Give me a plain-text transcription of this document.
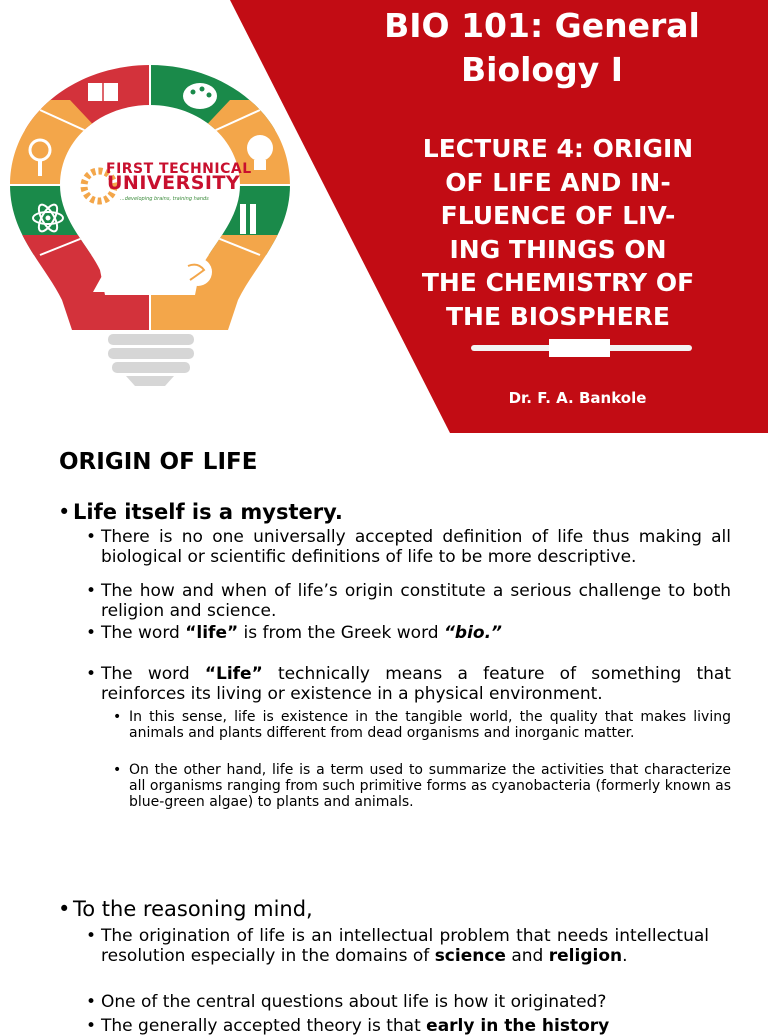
FIRST TECHNICAL
UNIVERSITY
...developing brains, training hands
BIO 101: General
Biology I
LECTURE 4: ORIGIN
OF LIFE AND IN-
FLUENCE OF LIV-
ING THINGS ON
THE CHEMISTRY OF
THE BIOSPHERE
Dr. F. A. Bankole
ORIGIN OF LIFE
• Life itself is a mystery.
• There is no one universally accepted definition of life thus making all biological or scientific definitions of life to be more descriptive.
• The how and when of life’s origin constitute a serious challenge to both religion and science.
• The word “life” is from the Greek word “bio.”
• The word “Life” technically means a feature of something that reinforces its living or existence in a physical environment.
• In this sense, life is existence in the tangible world, the quality that makes living animals and plants different from dead organisms and inorganic matter.
• On the other hand, life is a term used to summarize the activities that characterize all organisms ranging from such primitive forms as cyanobacteria (formerly known as blue-green algae) to plants and animals.
• To the reasoning mind,
• The origination of life is an intellectual problem that needs intellectual resolution especially in the domains of science and religion.
• One of the central questions about life is how it originated?
• The generally accepted theory is that early in the history
